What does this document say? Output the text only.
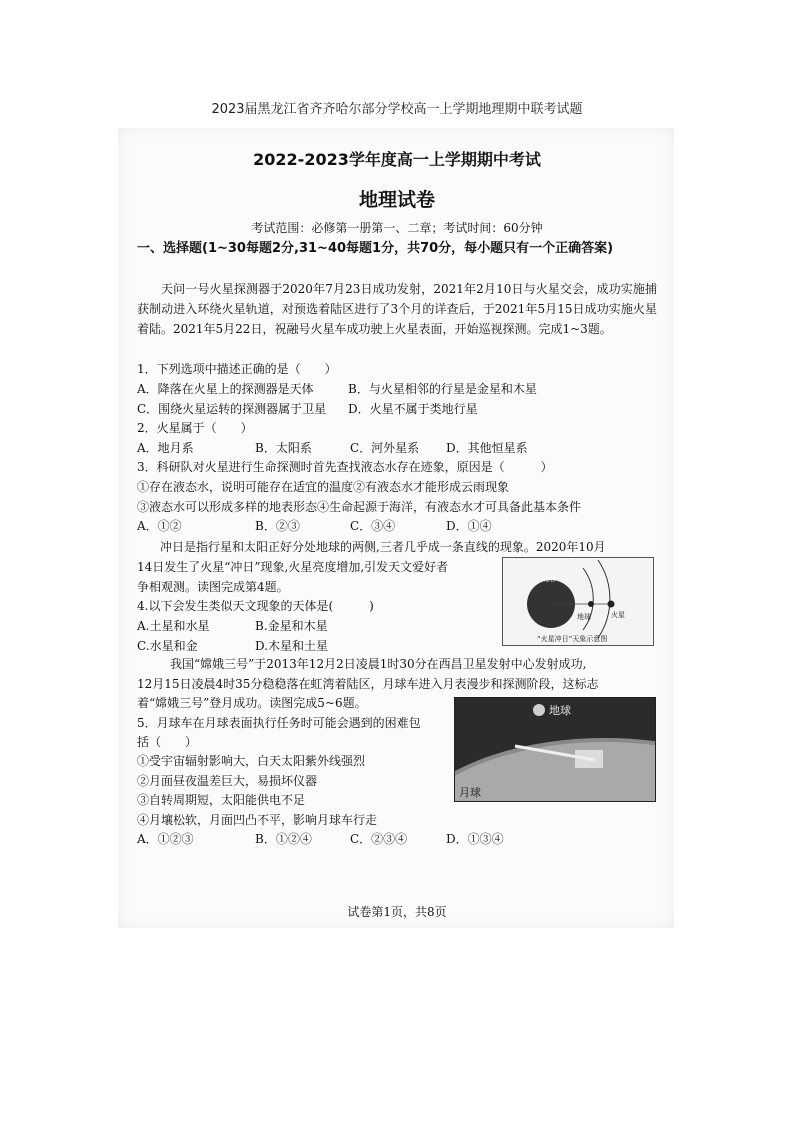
2023届黑龙江省齐齐哈尔部分学校高一上学期地理期中联考试题
2022-2023学年度高一上学期期中考试
地理试卷
考试范围：必修第一册第一、二章；考试时间：60分钟
一、选择题(1~30每题2分,31~40每题1分，共70分，每小题只有一个正确答案)
天问一号火星探测器于2020年7月23日成功发射，2021年2月10日与火星交会，成功实施捕获制动进入环绕火星轨道，对预选着陆区进行了3个月的详查后，于2021年5月15日成功实施火星着陆。2021年5月22日，祝融号火星车成功驶上火星表面，开始巡视探测。完成1~3题。
1．下列选项中描述正确的是（　　）
A．降落在火星上的探测器是天体	B．与火星相邻的行星是金星和木星
C．围绕火星运转的探测器属于卫星 D．火星不属于类地行星
2．火星属于（　　）
A．地月系	B．太阳系	C．河外星系 D．其他恒星系
3．科研队对火星进行生命探测时首先查找液态水存在迹象，原因是（　　　）
①存在液态水，说明可能存在适宜的温度②有液态水才能形成云雨现象
③液态水可以形成多样的地表形态④生命起源于海洋，有液态水才可具备此基本条件
A．①②	B．②③	C．③④	D．①④
冲日是指行星和太阳正好分处地球的两侧,三者几乎成一条直线的现象。2020年10月
14日发生了火星“冲日”现象,火星亮度增加,引发天文爱好者
争相观测。读图完成第4题。
4.以下会发生类似天文现象的天体是(　　　)
A.土星和水星	B.金星和木星
C.水星和金	D.木星和土星
太阳
地球	火星
“火星冲日”天象示意图
我国“嫦娥三号”于2013年12月2日凌晨1时30分在西昌卫星发射中心发射成功,
12月15日凌晨4时35分稳稳落在虹湾着陆区，月球车进入月表漫步和探测阶段，这标志
着“嫦娥三号”登月成功。读图完成5~6题。
5．月球车在月球表面执行任务时可能会遇到的困难包
括（　　）
①受宇宙辐射影响大，白天太阳紫外线强烈
②月面昼夜温差巨大，易损坏仪器
③自转周期短，太阳能供电不足
④月壤松软，月面凹凸不平，影响月球车行走
A．①②③	B．①②④	C．②③④	D．①③④
地球
月球
试卷第1页，共8页
